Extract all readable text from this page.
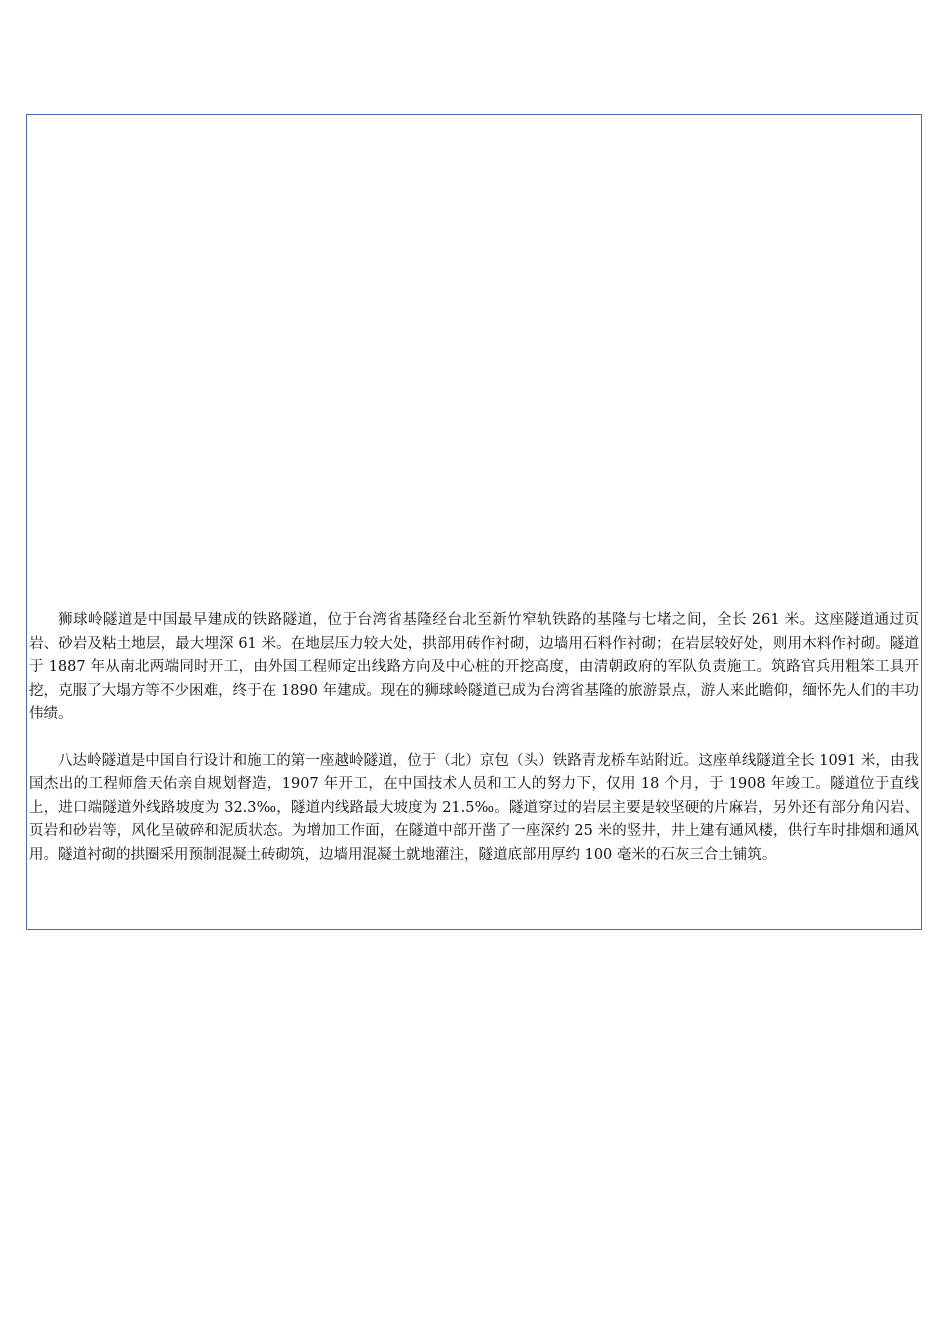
狮球岭隧道是中国最早建成的铁路隧道，位于台湾省基隆经台北至新竹窄轨铁路的基隆与七堵之间，全长 261 米。这座隧道通过页岩、砂岩及粘土地层，最大埋深 61 米。在地层压力较大处，拱部用砖作衬砌，边墙用石料作衬砌；在岩层较好处，则用木料作衬砌。隧道于 1887 年从南北两端同时开工，由外国工程师定出线路方向及中心桩的开挖高度，由清朝政府的军队负责施工。筑路官兵用粗笨工具开挖，克服了大塌方等不少困难，终于在 1890 年建成。现在的狮球岭隧道已成为台湾省基隆的旅游景点，游人来此瞻仰，缅怀先人们的丰功伟绩。

八达岭隧道是中国自行设计和施工的第一座越岭隧道，位于（北）京包（头）铁路青龙桥车站附近。这座单线隧道全长 1091 米，由我国杰出的工程师詹天佑亲自规划督造，1907 年开工，在中国技术人员和工人的努力下，仅用 18 个月，于 1908 年竣工。隧道位于直线上，进口端隧道外线路坡度为 32.3‰，隧道内线路最大坡度为 21.5‰。隧道穿过的岩层主要是较坚硬的片麻岩，另外还有部分角闪岩、页岩和砂岩等，风化呈破碎和泥质状态。为增加工作面，在隧道中部开凿了一座深约 25 米的竖井，井上建有通风楼，供行车时排烟和通风用。隧道衬砌的拱圈采用预制混凝土砖砌筑，边墙用混凝土就地灌注，隧道底部用厚约 100 毫米的石灰三合土铺筑。
